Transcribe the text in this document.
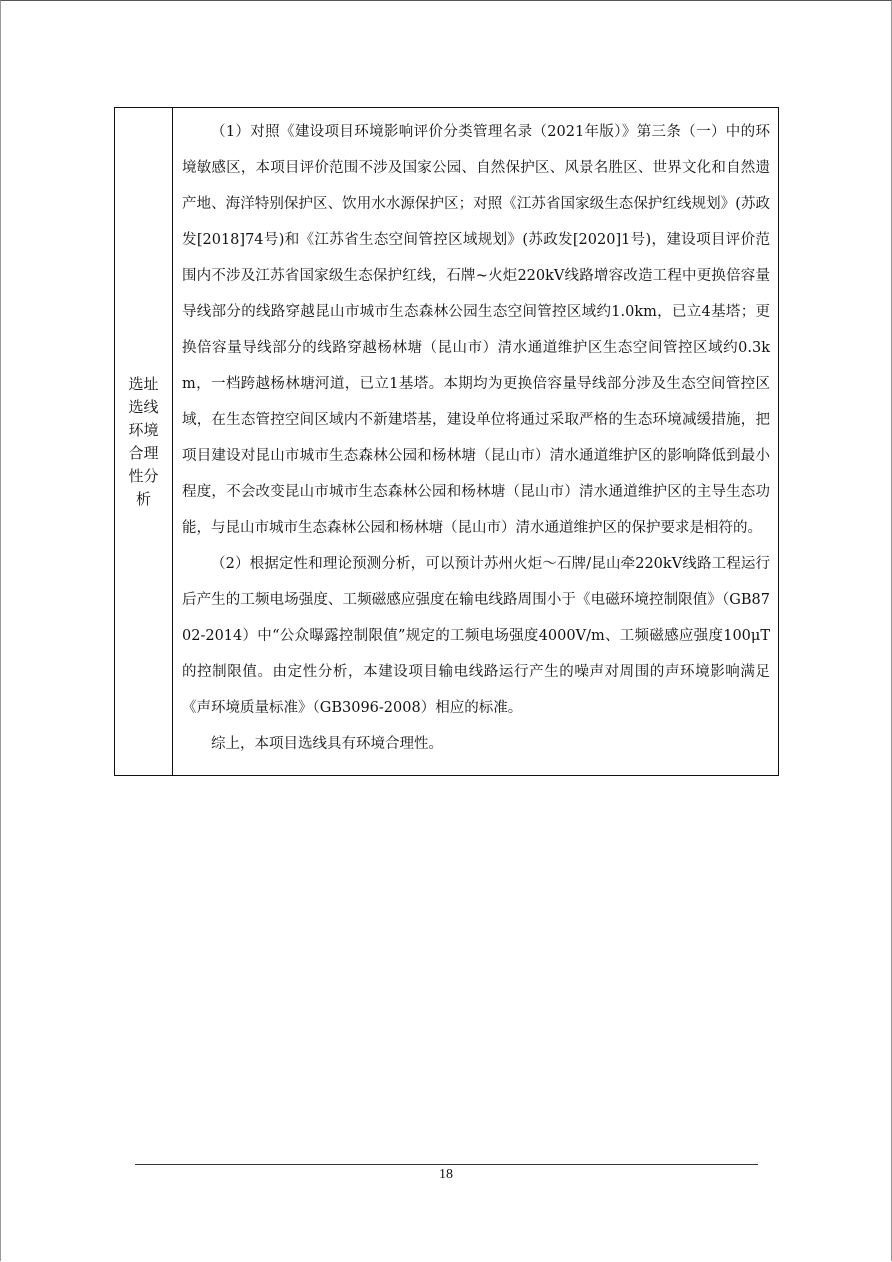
选址选线环境合理性分析

（1）对照《建设项目环境影响评价分类管理名录（2021年版）》第三条（一）中的环境敏感区，本项目评价范围不涉及国家公园、自然保护区、风景名胜区、世界文化和自然遗产地、海洋特别保护区、饮用水水源保护区；对照《江苏省国家级生态保护红线规划》(苏政发[2018]74号)和《江苏省生态空间管控区域规划》(苏政发[2020]1号)，建设项目评价范围内不涉及江苏省国家级生态保护红线，石牌~火炬220kV线路增容改造工程中更换倍容量导线部分的线路穿越昆山市城市生态森林公园生态空间管控区域约1.0km，已立4基塔；更换倍容量导线部分的线路穿越杨林塘（昆山市）清水通道维护区生态空间管控区域约0.3km，一档跨越杨林塘河道，已立1基塔。本期均为更换倍容量导线部分涉及生态空间管控区域，在生态管控空间区域内不新建塔基，建设单位将通过采取严格的生态环境减缓措施，把项目建设对昆山市城市生态森林公园和杨林塘（昆山市）清水通道维护区的影响降低到最小程度，不会改变昆山市城市生态森林公园和杨林塘（昆山市）清水通道维护区的主导生态功能，与昆山市城市生态森林公园和杨林塘（昆山市）清水通道维护区的保护要求是相符的。

（2）根据定性和理论预测分析，可以预计苏州火炬～石牌/昆山牵220kV线路工程运行后产生的工频电场强度、工频磁感应强度在输电线路周围小于《电磁环境控制限值》（GB8702-2014）中“公众曝露控制限值”规定的工频电场强度4000V/m、工频磁感应强度100μT的控制限值。由定性分析，本建设项目输电线路运行产生的噪声对周围的声环境影响满足《声环境质量标准》（GB3096-2008）相应的标准。

综上，本项目选线具有环境合理性。

18
